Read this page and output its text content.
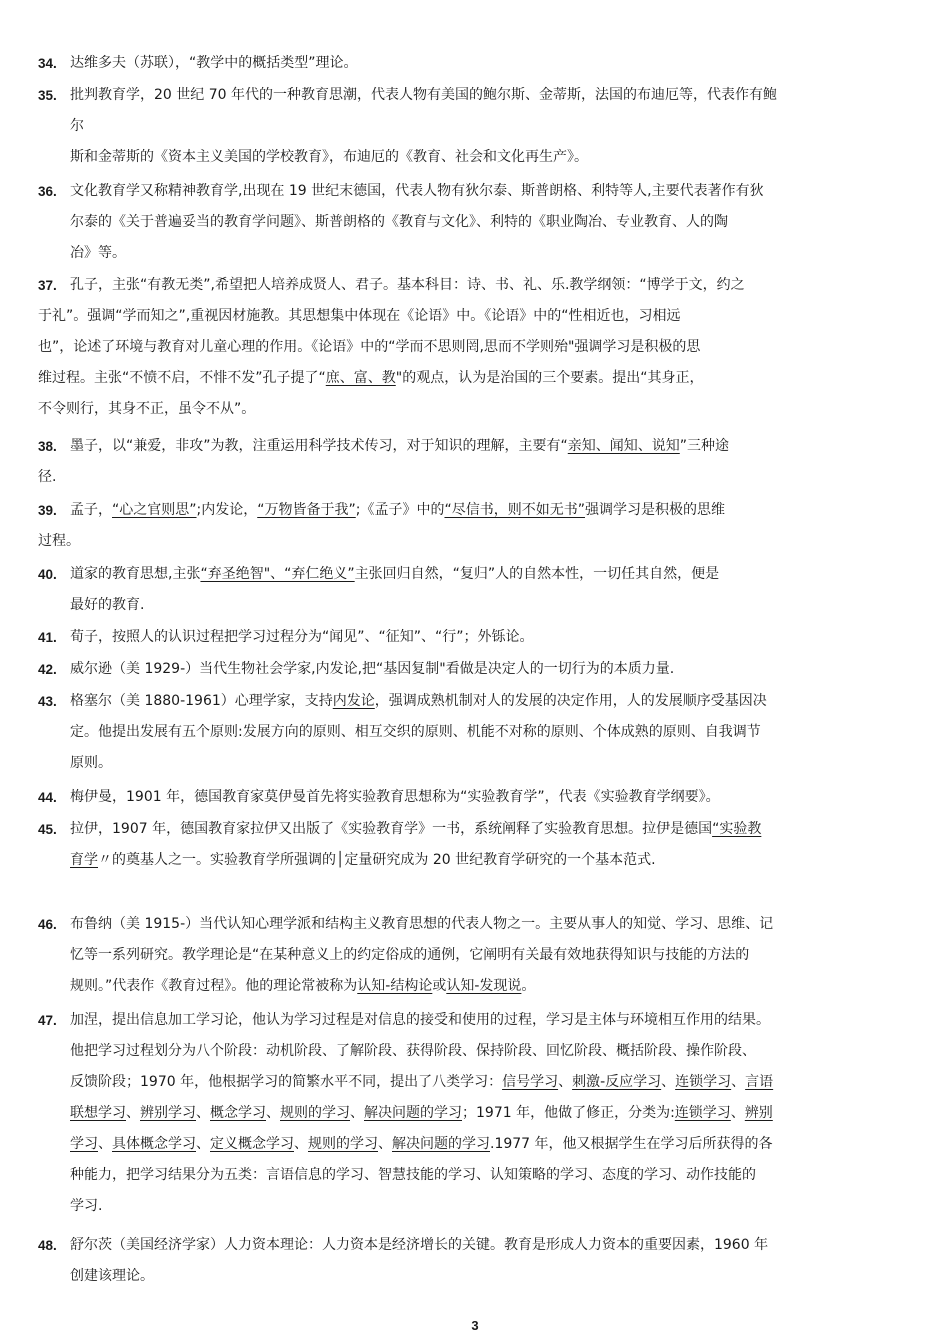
34. 达维多夫（苏联），“教学中的概括类型”理论。
35. 批判教育学，20 世纪 70 年代的一种教育思潮，代表人物有美国的鲍尔斯、金蒂斯，法国的布迪厄等，代表作有鲍
尔
斯和金蒂斯的《资本主义美国的学校教育》，布迪厄的《教育、社会和文化再生产》。
36. 文化教育学又称精神教育学,出现在 19 世纪末德国，代表人物有狄尔泰、斯普朗格、利特等人,主要代表著作有狄
尔泰的《关于普遍妥当的教育学问题》、斯普朗格的《教育与文化》、利特的《职业陶冶、专业教育、人的陶
冶》等。
37. 孔子，主张“有教无类”,希望把人培养成贤人、君子。基本科目：诗、书、礼、乐.教学纲领：“博学于文，约之
于礼”。强调“学而知之”,重视因材施教。其思想集中体现在《论语》中。《论语》中的“性相近也，习相远
也”，论述了环境与教育对儿童心理的作用。《论语》中的“学而不思则罔,思而不学则殆"强调学习是积极的思
维过程。主张“不愤不启，不悱不发”孔子提了“庶、富、教"的观点，认为是治国的三个要素。提出“其身正，
不令则行，其身不正，虽令不从”。
38. 墨子，以“兼爱，非攻”为教，注重运用科学技术传习，对于知识的理解，主要有“亲知、闻知、说知”三种途
径.
39. 孟子，“心之官则思”;内发论，“万物皆备于我”;《孟子》中的“尽信书，则不如无书”强调学习是积极的思维
过程。
40. 道家的教育思想,主张“弃圣绝智"、“弃仁绝义”主张回归自然，“复归”人的自然本性，一切任其自然，便是
最好的教育.
41. 荀子，按照人的认识过程把学习过程分为“闻见”、“征知”、“行”；外铄论。
42. 威尔逊（美 1929-）当代生物社会学家,内发论,把“基因复制"看做是决定人的一切行为的本质力量.
43. 格塞尔（美 1880-1961）心理学家，支持内发论，强调成熟机制对人的发展的决定作用，人的发展顺序受基因决
定。他提出发展有五个原则:发展方向的原则、相互交织的原则、机能不对称的原则、个体成熟的原则、自我调节
原则。
44. 梅伊曼，1901 年，德国教育家莫伊曼首先将实验教育思想称为“实验教育学”，代表《实验教育学纲要》。
45. 拉伊，1907 年，德国教育家拉伊又出版了《实验教育学》一书，系统阐释了实验教育思想。拉伊是德国“实验教
育学〃的奠基人之一。实验教育学所强调的│定量研究成为 20 世纪教育学研究的一个基本范式.
46. 布鲁纳（美 1915-）当代认知心理学派和结构主义教育思想的代表人物之一。主要从事人的知觉、学习、思维、记
忆等一系列研究。教学理论是“在某种意义上的约定俗成的通例，它阐明有关最有效地获得知识与技能的方法的
规则。”代表作《教育过程》。他的理论常被称为认知-结构论或认知-发现说。
47. 加涅，提出信息加工学习论，他认为学习过程是对信息的接受和使用的过程，学习是主体与环境相互作用的结果。
他把学习过程划分为八个阶段：动机阶段、了解阶段、获得阶段、保持阶段、回忆阶段、概括阶段、操作阶段、
反馈阶段；1970 年，他根据学习的简繁水平不同，提出了八类学习：信号学习、刺激-反应学习、连锁学习、言语
联想学习、辨别学习、概念学习、规则的学习、解决问题的学习；1971 年，他做了修正，分类为:连锁学习、辨别
学习、具体概念学习、定义概念学习、规则的学习、解决问题的学习.1977 年，他又根据学生在学习后所获得的各
种能力，把学习结果分为五类：言语信息的学习、智慧技能的学习、认知策略的学习、态度的学习、动作技能的
学习.
48. 舒尔茨（美国经济学家）人力资本理论：人力资本是经济增长的关键。教育是形成人力资本的重要因素，1960 年
创建该理论。
3
